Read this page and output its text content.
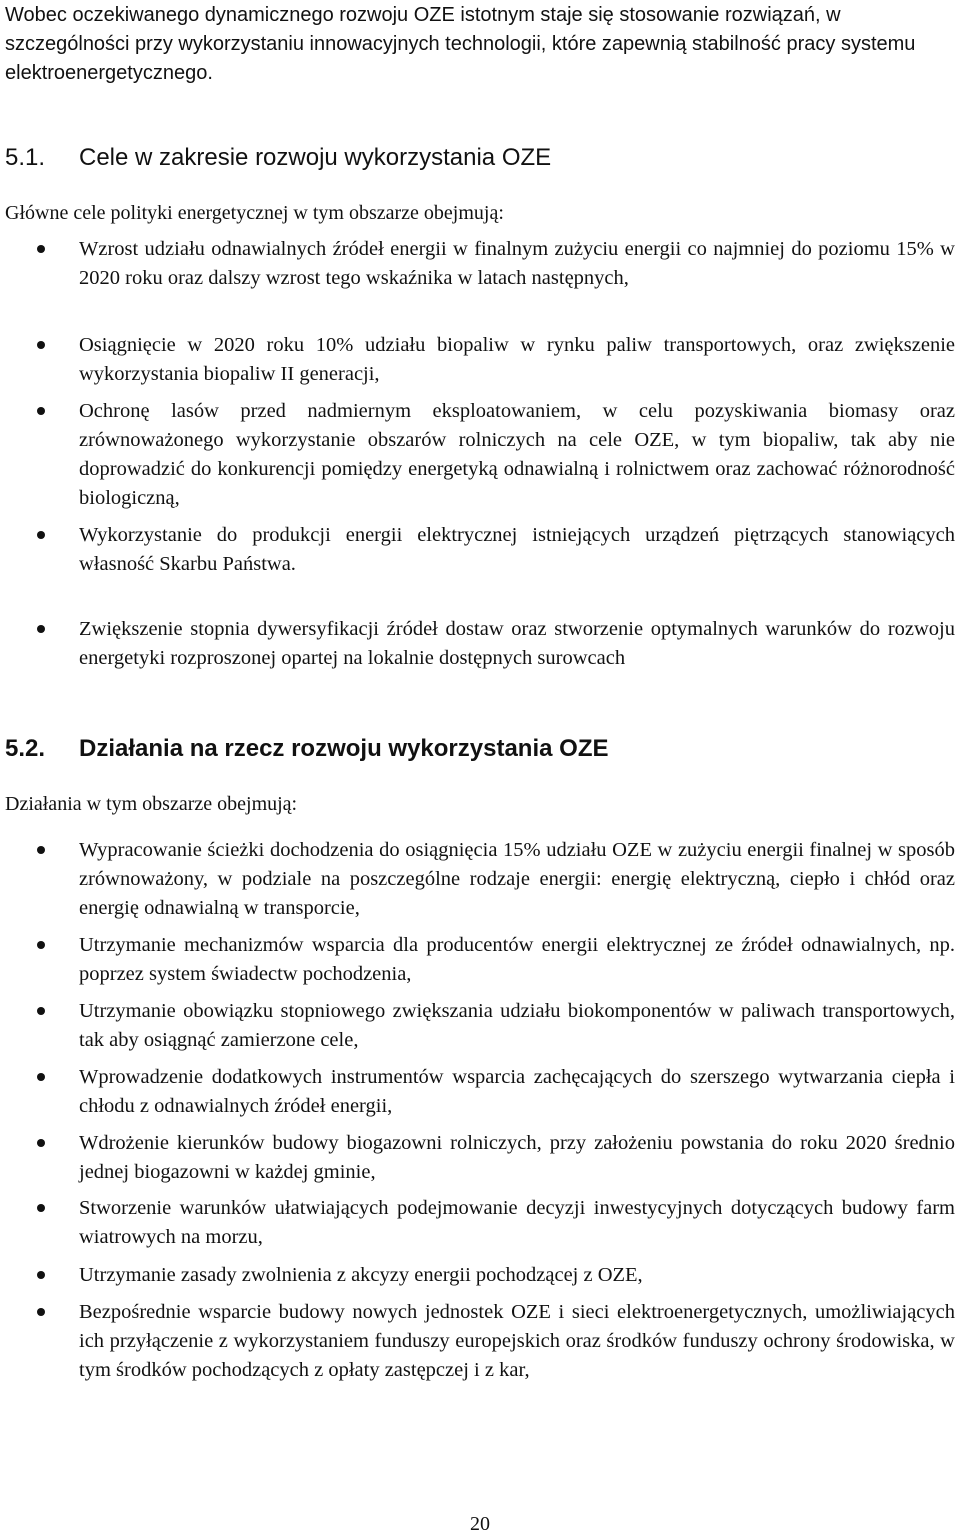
Wobec oczekiwanego dynamicznego rozwoju OZE istotnym staje się stosowanie rozwiązań, w szczególności przy wykorzystaniu innowacyjnych technologii, które zapewnią stabilność pracy systemu elektroenergetycznego.

5.1. Cele w zakresie rozwoju wykorzystania OZE

Główne cele polityki energetycznej w tym obszarze obejmują:

Wzrost udziału odnawialnych źródeł energii w finalnym zużyciu energii co najmniej do poziomu 15% w 2020 roku oraz dalszy wzrost tego wskaźnika w latach następnych,
Osiągnięcie w 2020 roku 10% udziału biopaliw w rynku paliw transportowych, oraz zwiększenie wykorzystania biopaliw II generacji,
Ochronę lasów przed nadmiernym eksploatowaniem, w celu pozyskiwania biomasy oraz zrównoważonego wykorzystanie obszarów rolniczych na cele OZE, w tym biopaliw, tak aby nie doprowadzić do konkurencji pomiędzy energetyką odnawialną i rolnictwem oraz zachować różnorodność biologiczną,
Wykorzystanie do produkcji energii elektrycznej istniejących urządzeń piętrzących stanowiących własność Skarbu Państwa.
Zwiększenie stopnia dywersyfikacji źródeł dostaw oraz stworzenie optymalnych warunków do rozwoju energetyki rozproszonej opartej na lokalnie dostępnych surowcach
5.2. Działania na rzecz rozwoju wykorzystania OZE

Działania w tym obszarze obejmują:

Wypracowanie ścieżki dochodzenia do osiągnięcia 15% udziału OZE w zużyciu energii finalnej w sposób zrównoważony, w podziale na poszczególne rodzaje energii: energię elektryczną, ciepło i chłód oraz energię odnawialną w transporcie,
Utrzymanie mechanizmów wsparcia dla producentów energii elektrycznej ze źródeł odnawialnych, np. poprzez system świadectw pochodzenia,
Utrzymanie obowiązku stopniowego zwiększania udziału biokomponentów w paliwach transportowych, tak aby osiągnąć zamierzone cele,
Wprowadzenie dodatkowych instrumentów wsparcia zachęcających do szerszego wytwarzania ciepła i chłodu z odnawialnych źródeł energii,
Wdrożenie kierunków budowy biogazowni rolniczych, przy założeniu powstania do roku 2020 średnio jednej biogazowni w każdej gminie,
Stworzenie warunków ułatwiających podejmowanie decyzji inwestycyjnych dotyczących budowy farm wiatrowych na morzu,
Utrzymanie zasady zwolnienia z akcyzy energii pochodzącej z OZE,
Bezpośrednie wsparcie budowy nowych jednostek OZE i sieci elektroenergetycznych, umożliwiających ich przyłączenie z wykorzystaniem funduszy europejskich oraz środków funduszy ochrony środowiska, w tym środków pochodzących z opłaty zastępczej i z kar,
20
